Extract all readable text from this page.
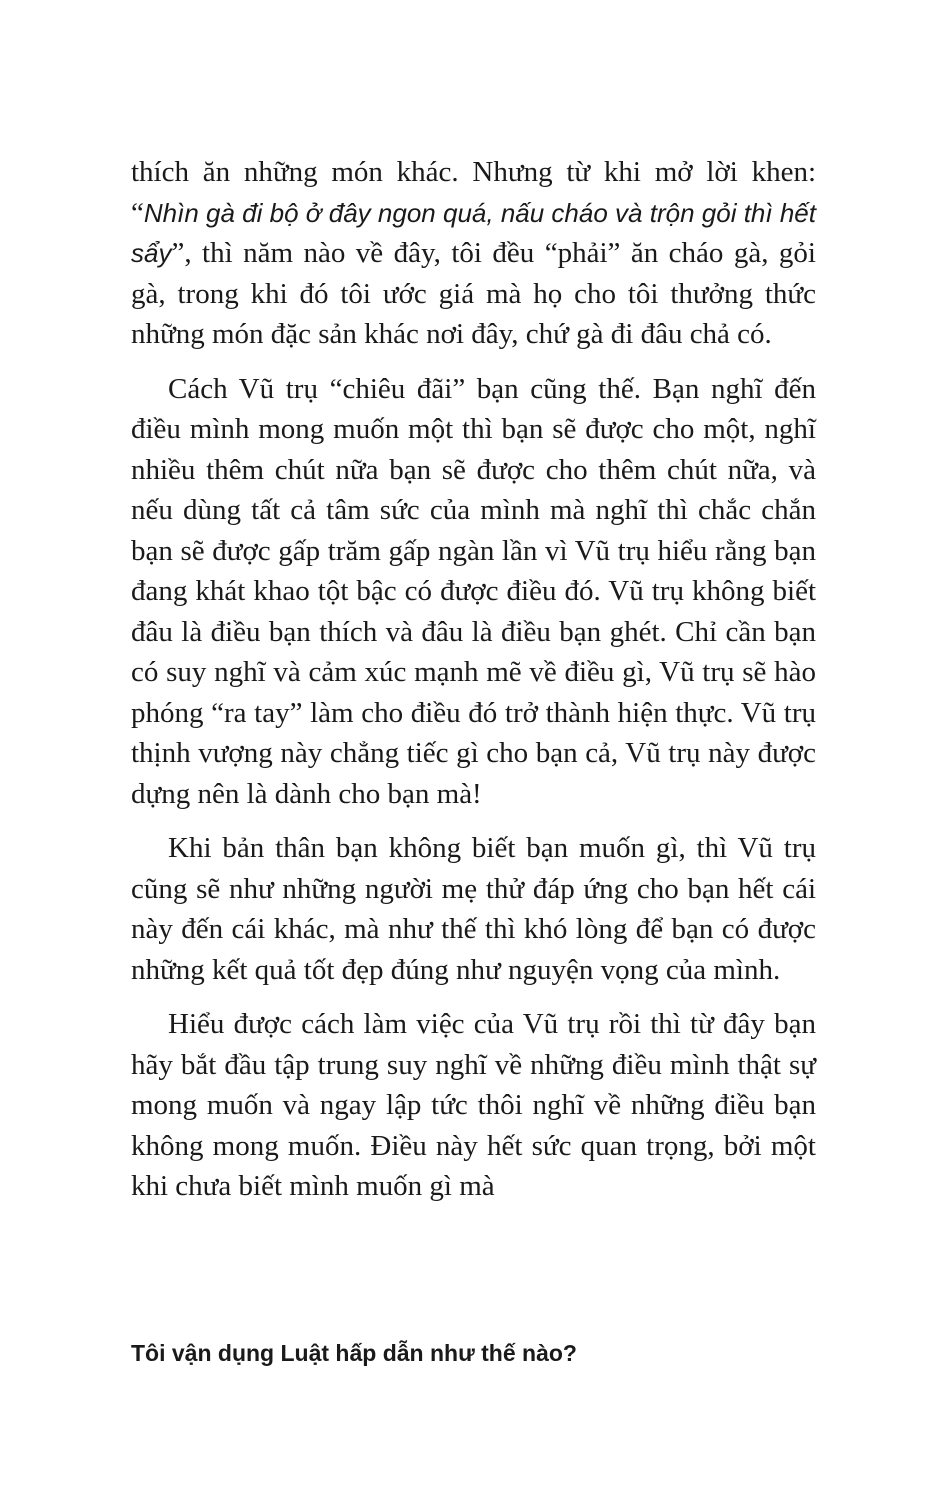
thích ăn những món khác. Nhưng từ khi mở lời khen: “Nhìn gà đi bộ ở đây ngon quá, nấu cháo và trộn gỏi thì hết sẩy”, thì năm nào về đây, tôi đều “phải” ăn cháo gà, gỏi gà, trong khi đó tôi ước giá mà họ cho tôi thưởng thức những món đặc sản khác nơi đây, chứ gà đi đâu chả có.

Cách Vũ trụ “chiêu đãi” bạn cũng thế. Bạn nghĩ đến điều mình mong muốn một thì bạn sẽ được cho một, nghĩ nhiều thêm chút nữa bạn sẽ được cho thêm chút nữa, và nếu dùng tất cả tâm sức của mình mà nghĩ thì chắc chắn bạn sẽ được gấp trăm gấp ngàn lần vì Vũ trụ hiểu rằng bạn đang khát khao tột bậc có được điều đó. Vũ trụ không biết đâu là điều bạn thích và đâu là điều bạn ghét. Chỉ cần bạn có suy nghĩ và cảm xúc mạnh mẽ về điều gì, Vũ trụ sẽ hào phóng “ra tay” làm cho điều đó trở thành hiện thực. Vũ trụ thịnh vượng này chẳng tiếc gì cho bạn cả, Vũ trụ này được dựng nên là dành cho bạn mà!

Khi bản thân bạn không biết bạn muốn gì, thì Vũ trụ cũng sẽ như những người mẹ thử đáp ứng cho bạn hết cái này đến cái khác, mà như thế thì khó lòng để bạn có được những kết quả tốt đẹp đúng như nguyện vọng của mình.

Hiểu được cách làm việc của Vũ trụ rồi thì từ đây bạn hãy bắt đầu tập trung suy nghĩ về những điều mình thật sự mong muốn và ngay lập tức thôi nghĩ về những điều bạn không mong muốn. Điều này hết sức quan trọng, bởi một khi chưa biết mình muốn gì mà

Tôi vận dụng Luật hấp dẫn như thế nào?
